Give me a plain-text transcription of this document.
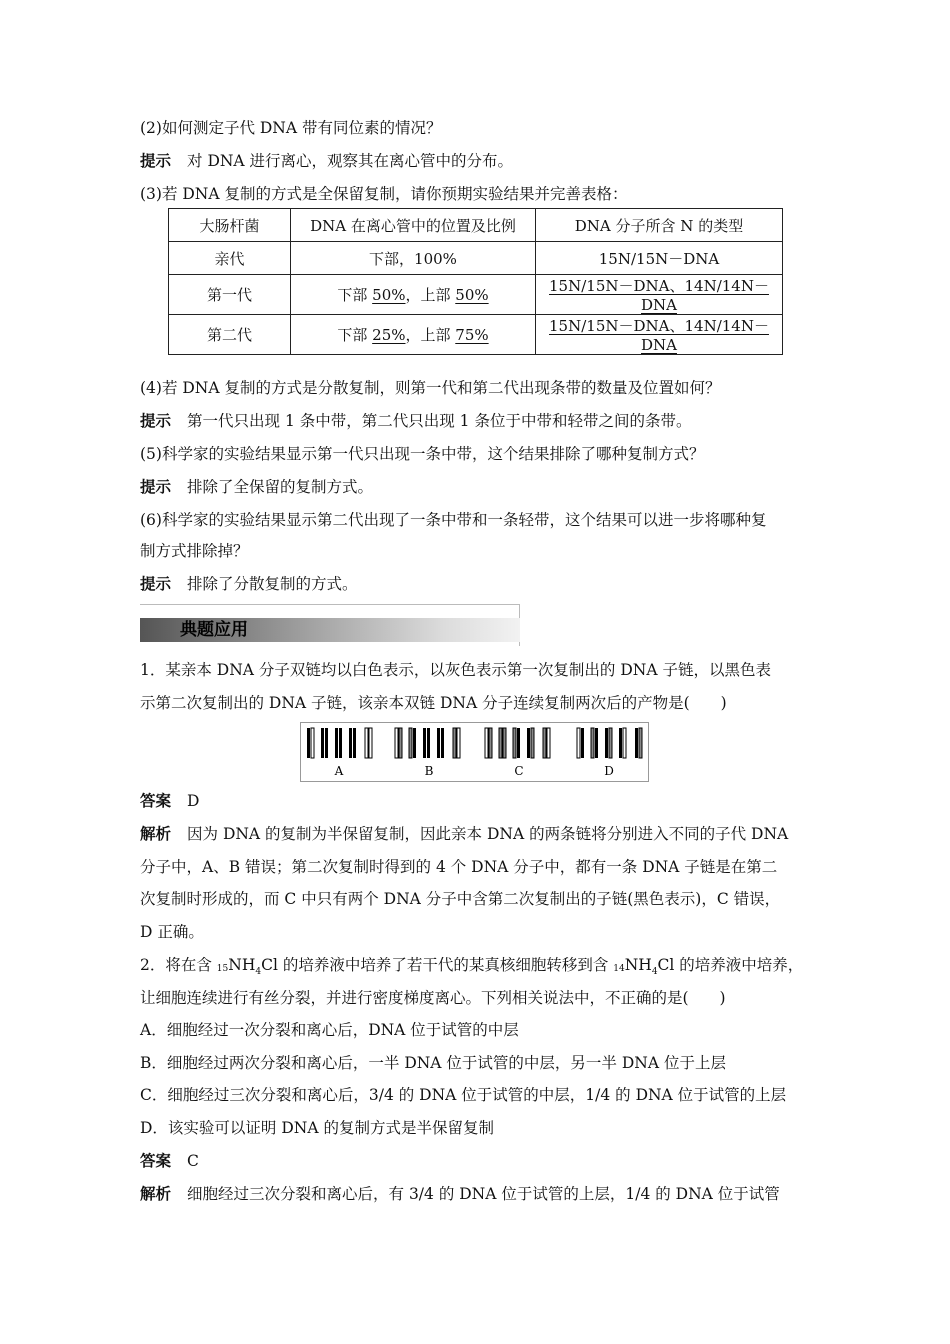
(2)如何测定子代 DNA 带有同位素的情况？
提示 对 DNA 进行离心，观察其在离心管中的分布。
(3)若 DNA 复制的方式是全保留复制，请你预期实验结果并完善表格：
大肠杆菌	DNA 在离心管中的位置及比例	DNA 分子所含 N 的类型
亲代	下部，100%	15N/15N－DNA
第一代	下部 50%，上部 50%	15N/15N－DNA、14N/14N－DNA
第二代	下部 25%，上部 75%	15N/15N－DNA、14N/14N－DNA
(4)若 DNA 复制的方式是分散复制，则第一代和第二代出现条带的数量及位置如何？
提示 第一代只出现 1 条中带，第二代只出现 1 条位于中带和轻带之间的条带。
(5)科学家的实验结果显示第一代只出现一条中带，这个结果排除了哪种复制方式？
提示 排除了全保留的复制方式。
(6)科学家的实验结果显示第二代出现了一条中带和一条轻带，这个结果可以进一步将哪种复
制方式排除掉？
提示 排除了分散复制的方式。
典题应用
1．某亲本 DNA 分子双链均以白色表示，以灰色表示第一次复制出的 DNA 子链，以黑色表
示第二次复制出的 DNA 子链，该亲本双链 DNA 分子连续复制两次后的产物是(　　)
A	B	C	D
答案 D
解析 因为 DNA 的复制为半保留复制，因此亲本 DNA 的两条链将分别进入不同的子代 DNA
分子中，A、B 错误；第二次复制时得到的 4 个 DNA 分子中，都有一条 DNA 子链是在第二
次复制时形成的，而 C 中只有两个 DNA 分子中含第二次复制出的子链(黑色表示)，C 错误，
D 正确。
2．将在含 $^{15}NH_4Cl$ 的培养液中培养了若干代的某真核细胞转移到含 $^{14}NH_4Cl$ 的培养液中培养，
让细胞连续进行有丝分裂，并进行密度梯度离心。下列相关说法中，不正确的是(　　)
A．细胞经过一次分裂和离心后，DNA 位于试管的中层
B．细胞经过两次分裂和离心后，一半 DNA 位于试管的中层，另一半 DNA 位于上层
C．细胞经过三次分裂和离心后，3/4 的 DNA 位于试管的中层，1/4 的 DNA 位于试管的上层
D．该实验可以证明 DNA 的复制方式是半保留复制
答案 C
解析 细胞经过三次分裂和离心后，有 3/4 的 DNA 位于试管的上层，1/4 的 DNA 位于试管
